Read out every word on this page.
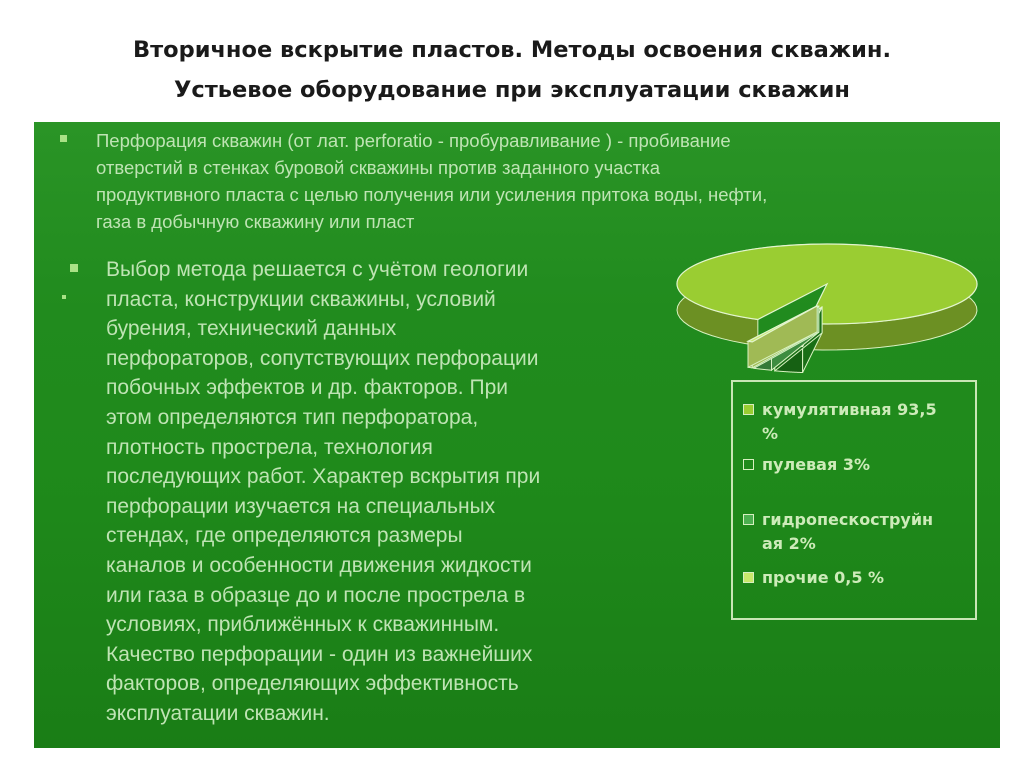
Вторичное вскрытие пластов. Методы освоения скважин.
Устьевое оборудование при эксплуатации скважин
Перфорация скважин (от лат. perforatio - пробуравливание ) - пробивание
отверстий в стенках буровой скважины против заданного участка
продуктивного пласта с целью получения или усиления притока воды, нефти,
газа в добычную скважину или пласт
Выбор метода решается с учётом геологии
пласта, конструкции скважины, условий
бурения, технический данных
перфораторов, сопутствующих перфорации
побочных эффектов и др. факторов. При
этом определяются тип перфоратора,
плотность прострела, технология
последующих работ. Характер вскрытия при
перфорации изучается на специальных
стендах, где определяются размеры
каналов и особенности движения жидкости
или газа в образце до и после прострела в
условиях, приближённых к скважинным.
Качество перфорации - один из важнейших
факторов, определяющих эффективность
эксплуатации скважин.
кумулятивная 93,5
%
пулевая 3%
гидропескоструйн
ая 2%
прочие 0,5 %
